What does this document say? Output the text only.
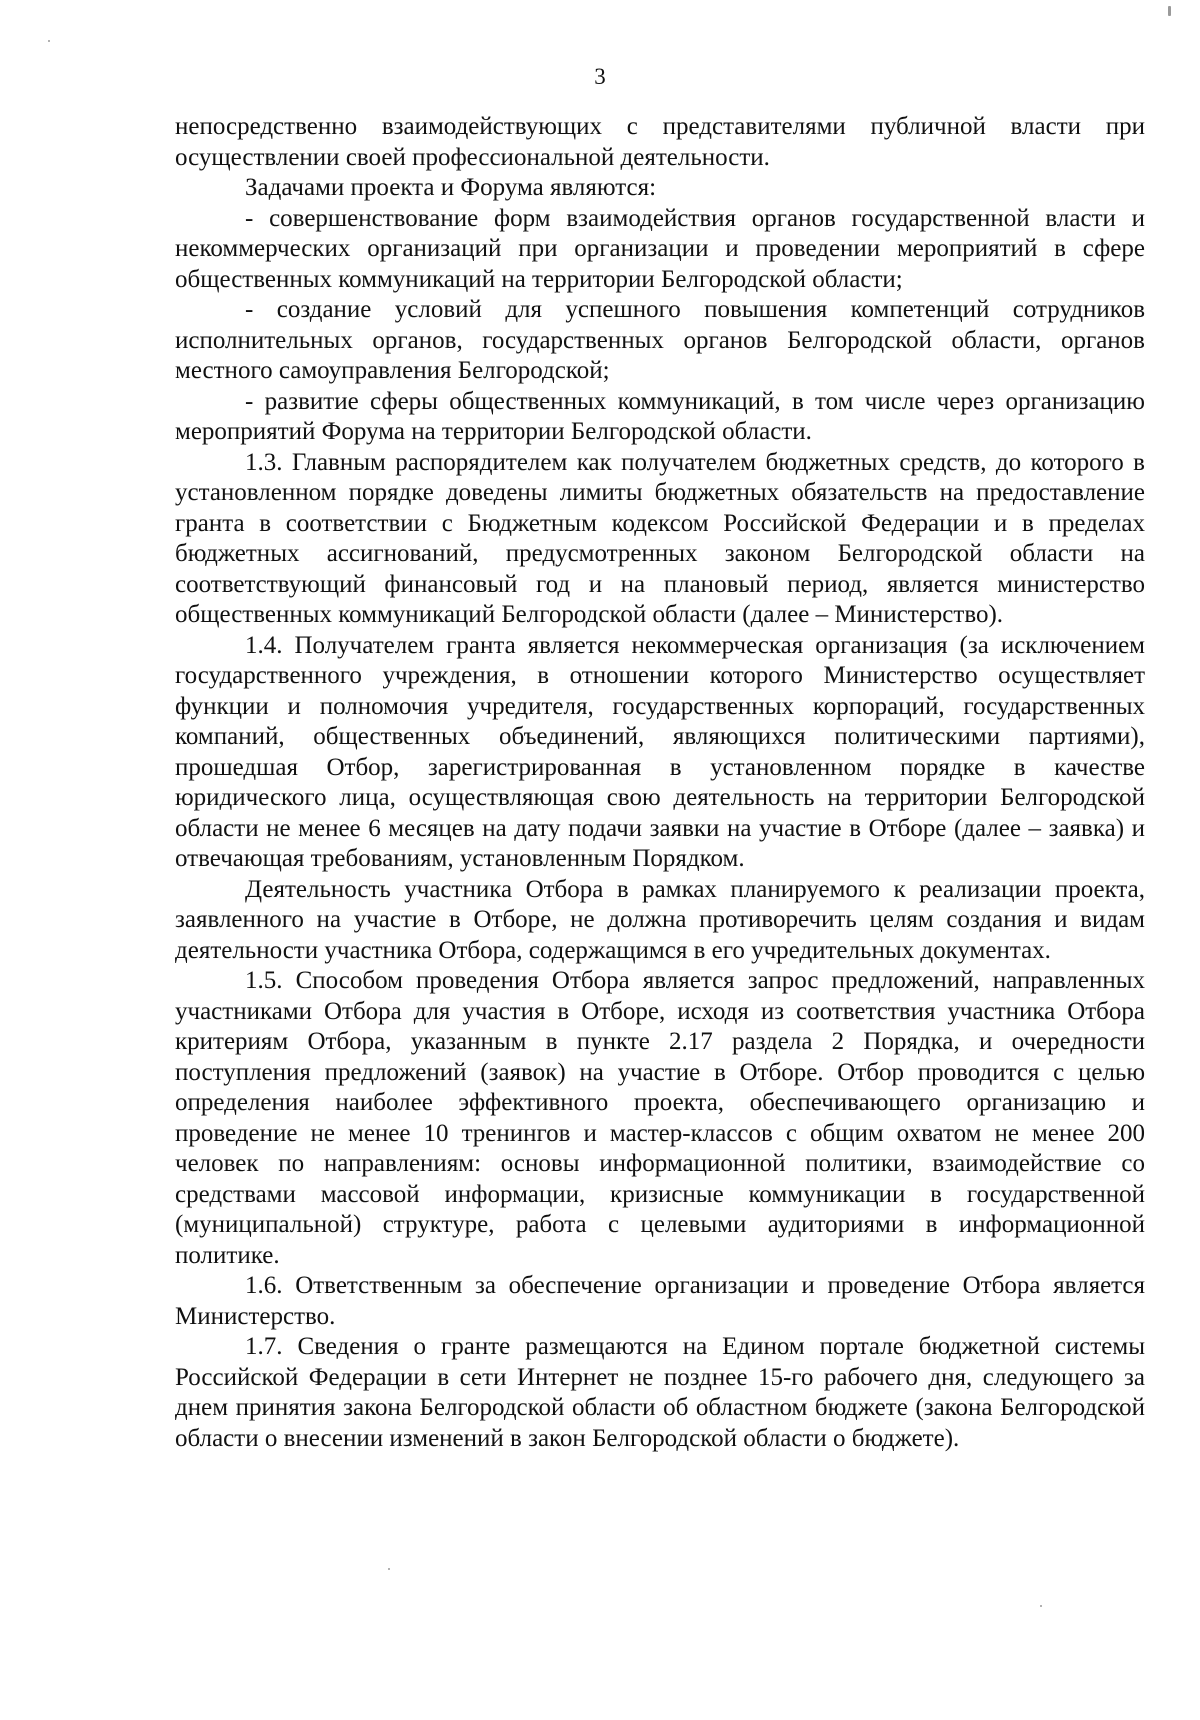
3

непосредственно взаимодействующих с представителями публичной власти при осуществлении своей профессиональной деятельности.

Задачами проекта и Форума являются:

- совершенствование форм взаимодействия органов государственной власти и некоммерческих организаций при организации и проведении мероприятий в сфере общественных коммуникаций на территории Белгородской области;

- создание условий для успешного повышения компетенций сотрудников исполнительных органов, государственных органов Белгородской области, органов местного самоуправления Белгородской;

- развитие сферы общественных коммуникаций, в том числе через организацию мероприятий Форума на территории Белгородской области.

1.3. Главным распорядителем как получателем бюджетных средств, до которого в установленном порядке доведены лимиты бюджетных обязательств на предоставление гранта в соответствии с Бюджетным кодексом Российской Федерации и в пределах бюджетных ассигнований, предусмотренных законом Белгородской области на соответствующий финансовый год и на плановый период, является министерство общественных коммуникаций Белгородской области (далее – Министерство).

1.4. Получателем гранта является некоммерческая организация (за исключением государственного учреждения, в отношении которого Министерство осуществляет функции и полномочия учредителя, государственных корпораций, государственных компаний, общественных объединений, являющихся политическими партиями), прошедшая Отбор, зарегистрированная в установленном порядке в качестве юридического лица, осуществляющая свою деятельность на территории Белгородской области не менее 6 месяцев на дату подачи заявки на участие в Отборе (далее – заявка) и отвечающая требованиям, установленным Порядком.

Деятельность участника Отбора в рамках планируемого к реализации проекта, заявленного на участие в Отборе, не должна противоречить целям создания и видам деятельности участника Отбора, содержащимся в его учредительных документах.

1.5. Способом проведения Отбора является запрос предложений, направленных участниками Отбора для участия в Отборе, исходя из соответствия участника Отбора критериям Отбора, указанным в пункте 2.17 раздела 2 Порядка, и очередности поступления предложений (заявок) на участие в Отборе. Отбор проводится с целью определения наиболее эффективного проекта, обеспечивающего организацию и проведение не менее 10 тренингов и мастер-классов с общим охватом не менее 200 человек по направлениям: основы информационной политики, взаимодействие со средствами массовой информации, кризисные коммуникации в государственной (муниципальной) структуре, работа с целевыми аудиториями в информационной политике.

1.6. Ответственным за обеспечение организации и проведение Отбора является Министерство.

1.7. Сведения о гранте размещаются на Едином портале бюджетной системы Российской Федерации в сети Интернет не позднее 15-го рабочего дня, следующего за днем принятия закона Белгородской области об областном бюджете (закона Белгородской области о внесении изменений в закон Белгородской области о бюджете).
